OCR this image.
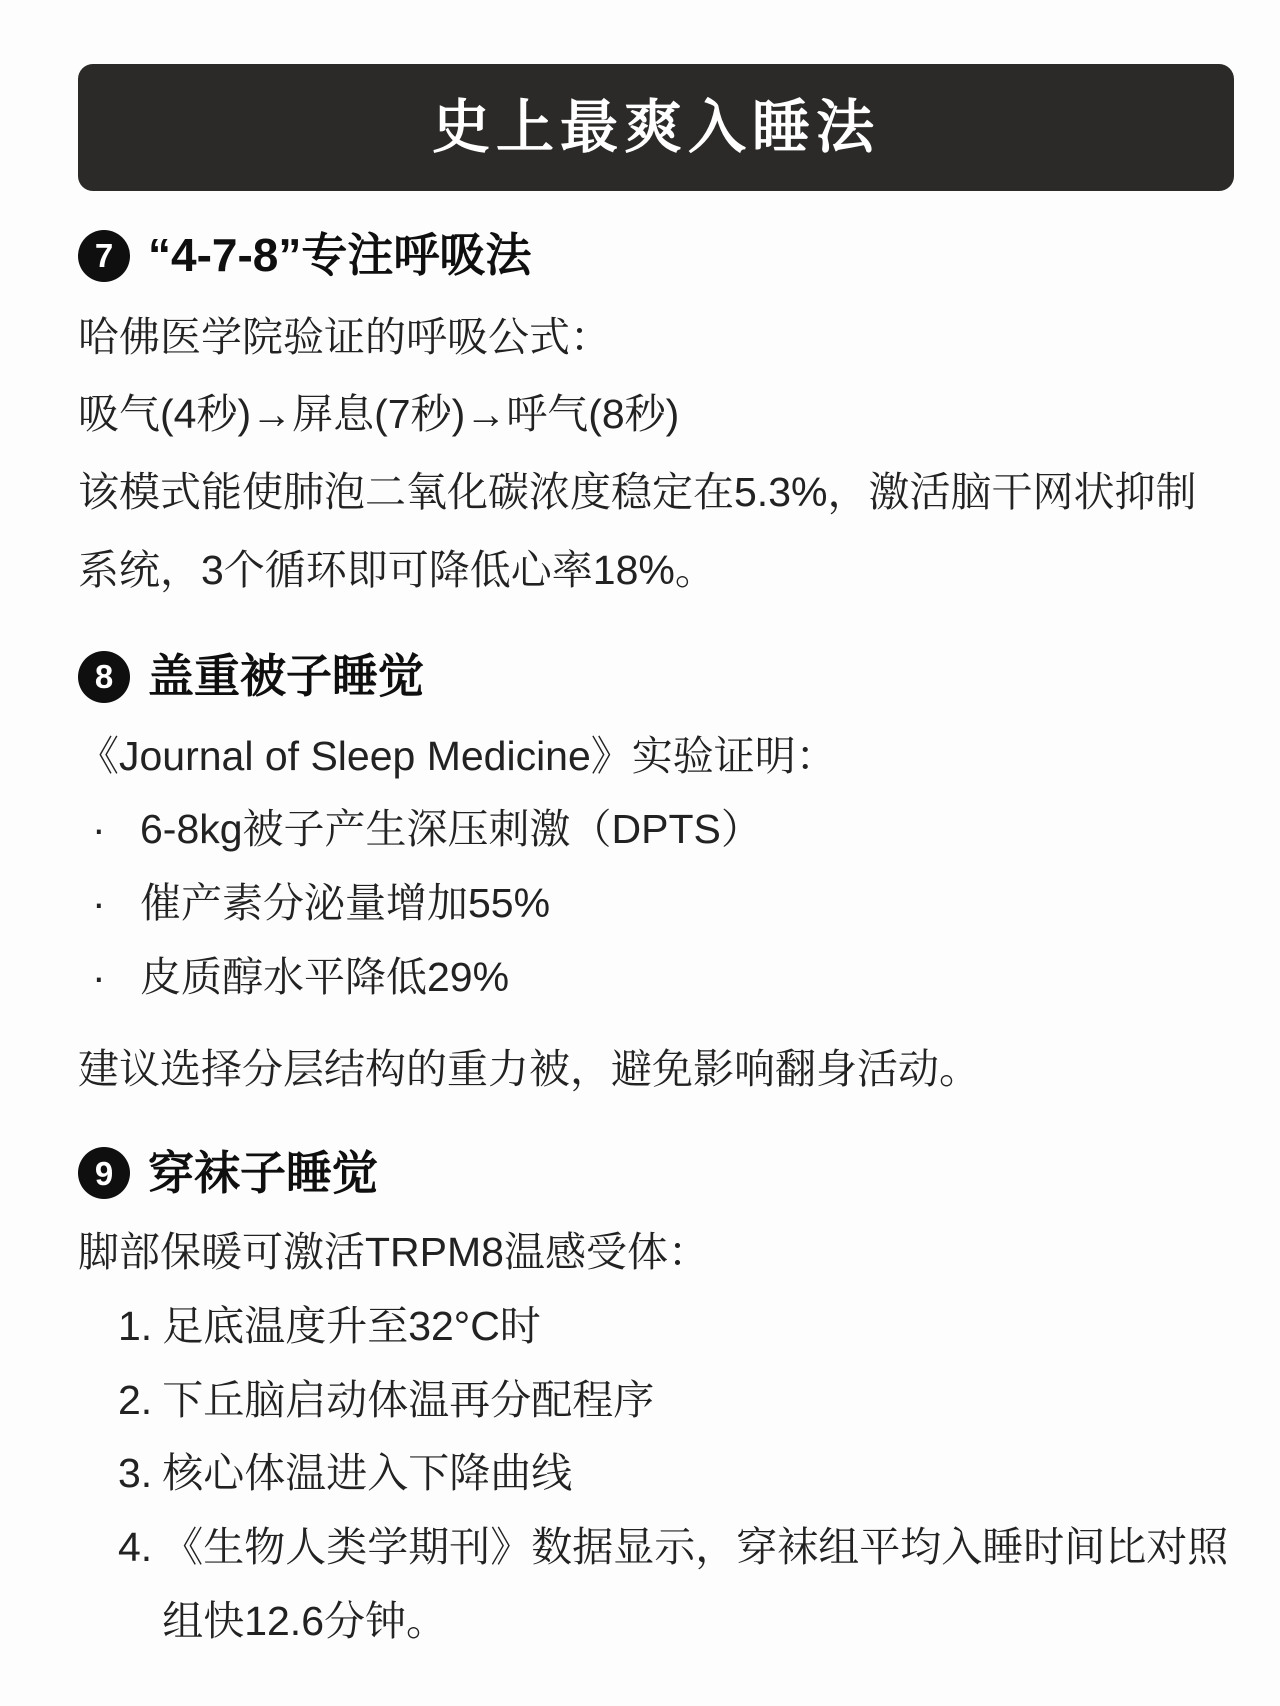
史上最爽入睡法
7 “4-7-8”专注呼吸法

哈佛医学院验证的呼吸公式：

吸气(4秒)→屏息(7秒)→呼气(8秒)

该模式能使肺泡二氧化碳浓度稳定在5.3%，激活脑干网状抑制系统，3个循环即可降低心率18%。

8 盖重被子睡觉

《Journal of Sleep Medicine》实验证明：

· 6-8kg被子产生深压刺激（DPTS）
· 催产素分泌量增加55%
· 皮质醇水平降低29%

建议选择分层结构的重力被，避免影响翻身活动。

9 穿袜子睡觉

脚部保暖可激活TRPM8温感受体：

1. 足底温度升至32°C时
2. 下丘脑启动体温再分配程序
3. 核心体温进入下降曲线
4. 《生物人类学期刊》数据显示，穿袜组平均入睡时间比对照组快12.6分钟。
